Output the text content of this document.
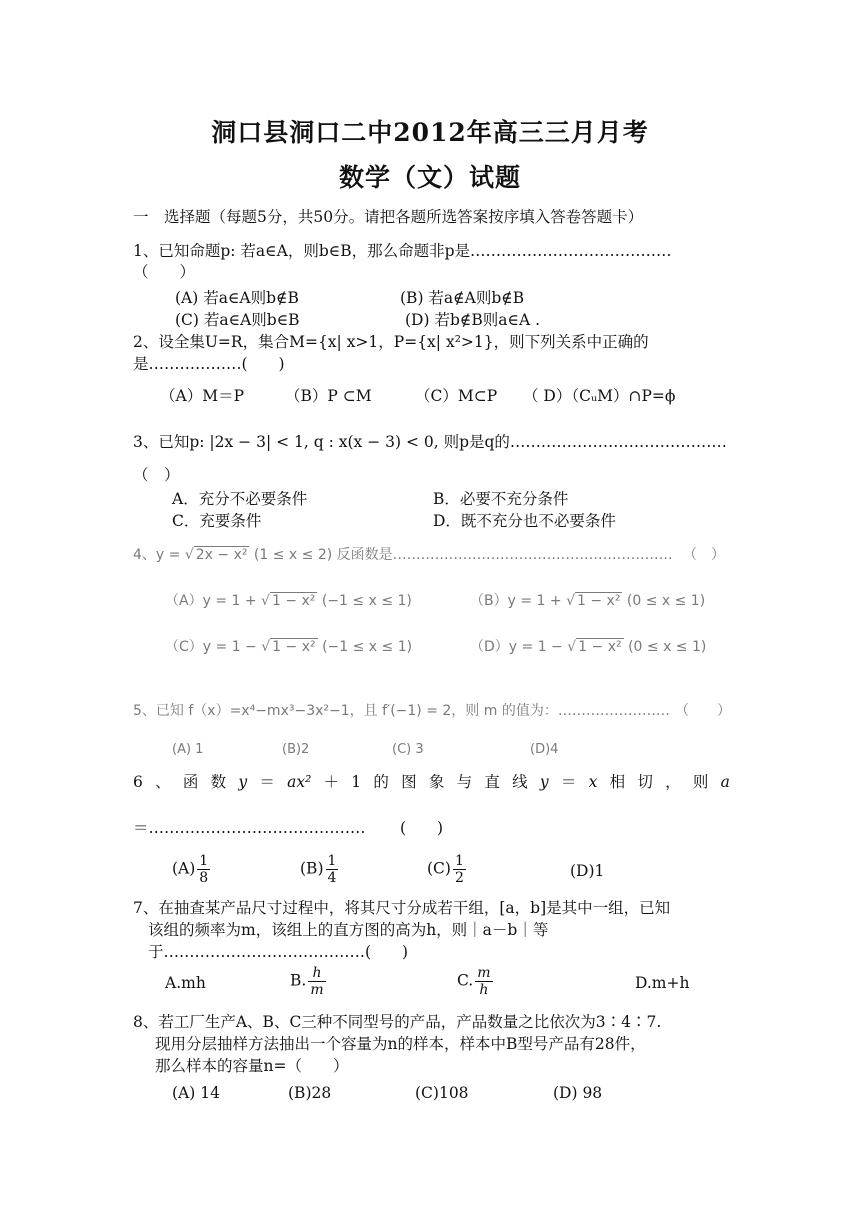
洞口县洞口二中2012年高三三月月考
数学（文）试题
一　选择题（每题5分，共50分。请把各题所选答案按序填入答卷答题卡）
1、已知命题p: 若a∈A，则b∈B，那么命题非p是…………………………………
（　　）
(A) 若a∈A则b∉B	(B) 若a∉A则b∉B
(C) 若a∈A则b∈B	(D) 若b∉B则a∈A .
2、设全集U=R，集合M={x| x>1，P={x| x²>1}，则下列关系中正确的
是………………(　　)
（A）M＝P	（B）P ⊂M	（C）M⊂P （ D）（CᵤM）∩P=ϕ
3、已知p: |2x − 3| < 1, q : x(x − 3) < 0, 则p是q的……………………………………
（　）
A．充分不必要条件	B．必要不充分条件
C．充要条件	D．既不充分也不必要条件
4、y = √ 2x − x² (1 ≤ x ≤ 2) 反函数是…………………………………………………… （　）
（A）y = 1 + √ 1 − x² (−1 ≤ x ≤ 1)	（B）y = 1 + √ 1 − x² (0 ≤ x ≤ 1)
（C）y = 1 − √ 1 − x² (−1 ≤ x ≤ 1)	（D）y = 1 − √ 1 − x² (0 ≤ x ≤ 1)
5、已知 f（x）=x⁴−mx³−3x²−1，且 f′(−1) = 2，则 m 的值为：…………………… （　　）
(A) 1	(B)2	(C) 3	(D)4
6 、 函 数 y ＝ ax² ＋ 1 的 图 象 与 直 线 y ＝ x 相 切 ， 则 a
＝…………………………………… (　　)
$(A) \frac{1}{8}$	$(B) \frac{1}{4}$	$(C) \frac{1}{2}$	(D)1
7、在抽查某产品尺寸过程中，将其尺寸分成若干组，[a，b]是其中一组，已知
该组的频率为m，该组上的直方图的高为h，则｜a－b｜等
于…………………………………(　　)
A.mh	B. $\frac{h}{m}$	C. $\frac{m}{h}$	D.m+h
8、若工厂生产A、B、C三种不同型号的产品，产品数量之比依次为3∶4∶7.
现用分层抽样方法抽出一个容量为n的样本，样本中B型号产品有28件，
那么样本的容量n=（　　）
(A) 14	(B)28	(C)108	(D) 98
